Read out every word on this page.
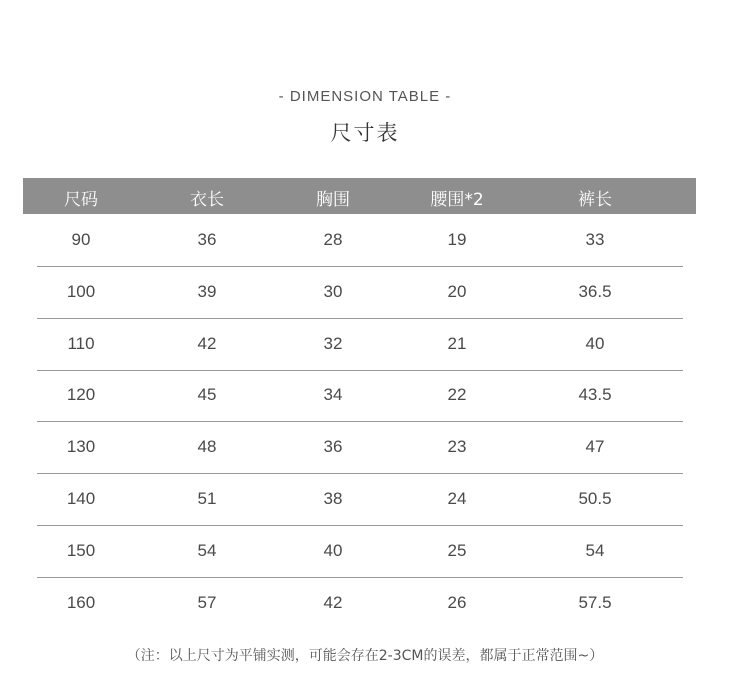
- DIMENSION TABLE -
尺寸表
尺码	衣长	胸围	腰围*2	裤长
90	36	28	19	33
100	39	30	20	36.5
110	42	32	21	40
120	45	34	22	43.5
130	48	36	23	47
140	51	38	24	50.5
150	54	40	25	54
160	57	42	26	57.5
（注：以上尺寸为平铺实测，可能会存在2-3CM的误差，都属于正常范围~）
